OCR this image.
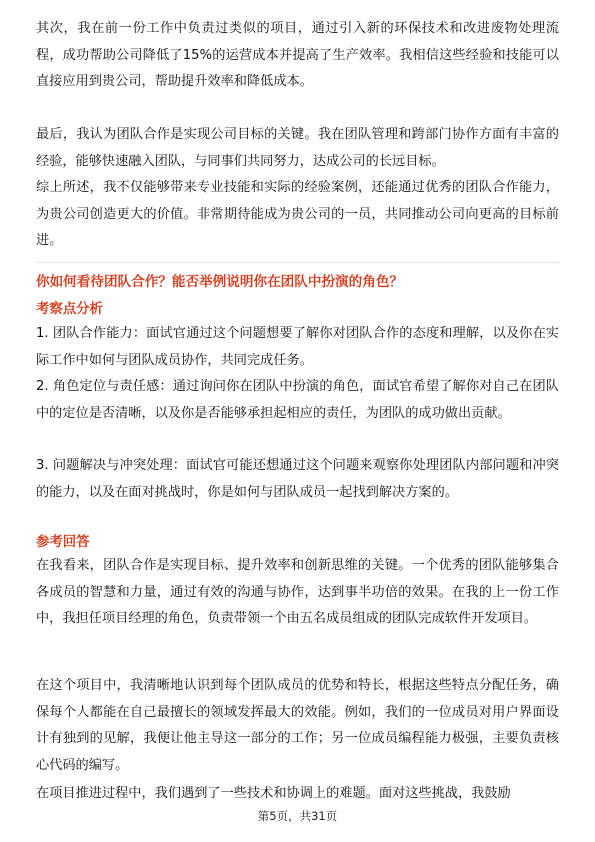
其次，我在前一份工作中负责过类似的项目，通过引入新的环保技术和改进废物处理流程，成功帮助公司降低了15%的运营成本并提高了生产效率。我相信这些经验和技能可以直接应用到贵公司，帮助提升效率和降低成本。

最后，我认为团队合作是实现公司目标的关键。我在团队管理和跨部门协作方面有丰富的经验，能够快速融入团队，与同事们共同努力，达成公司的长远目标。

综上所述，我不仅能够带来专业技能和实际的经验案例，还能通过优秀的团队合作能力，为贵公司创造更大的价值。非常期待能成为贵公司的一员，共同推动公司向更高的目标前进。

你如何看待团队合作？能否举例说明你在团队中扮演的角色？

考察点分析

1. 团队合作能力：面试官通过这个问题想要了解你对团队合作的态度和理解，以及你在实际工作中如何与团队成员协作，共同完成任务。

2. 角色定位与责任感：通过询问你在团队中扮演的角色，面试官希望了解你对自己在团队中的定位是否清晰，以及你是否能够承担起相应的责任，为团队的成功做出贡献。

3. 问题解决与冲突处理：面试官可能还想通过这个问题来观察你处理团队内部问题和冲突的能力，以及在面对挑战时，你是如何与团队成员一起找到解决方案的。

参考回答

在我看来，团队合作是实现目标、提升效率和创新思维的关键。一个优秀的团队能够集合各成员的智慧和力量，通过有效的沟通与协作，达到事半功倍的效果。在我的上一份工作中，我担任项目经理的角色，负责带领一个由五名成员组成的团队完成软件开发项目。

在这个项目中，我清晰地认识到每个团队成员的优势和特长，根据这些特点分配任务，确保每个人都能在自己最擅长的领域发挥最大的效能。例如，我们的一位成员对用户界面设计有独到的见解，我便让他主导这一部分的工作；另一位成员编程能力极强，主要负责核心代码的编写。

在项目推进过程中，我们遇到了一些技术和协调上的难题。面对这些挑战，我鼓励

第5页，共31页
